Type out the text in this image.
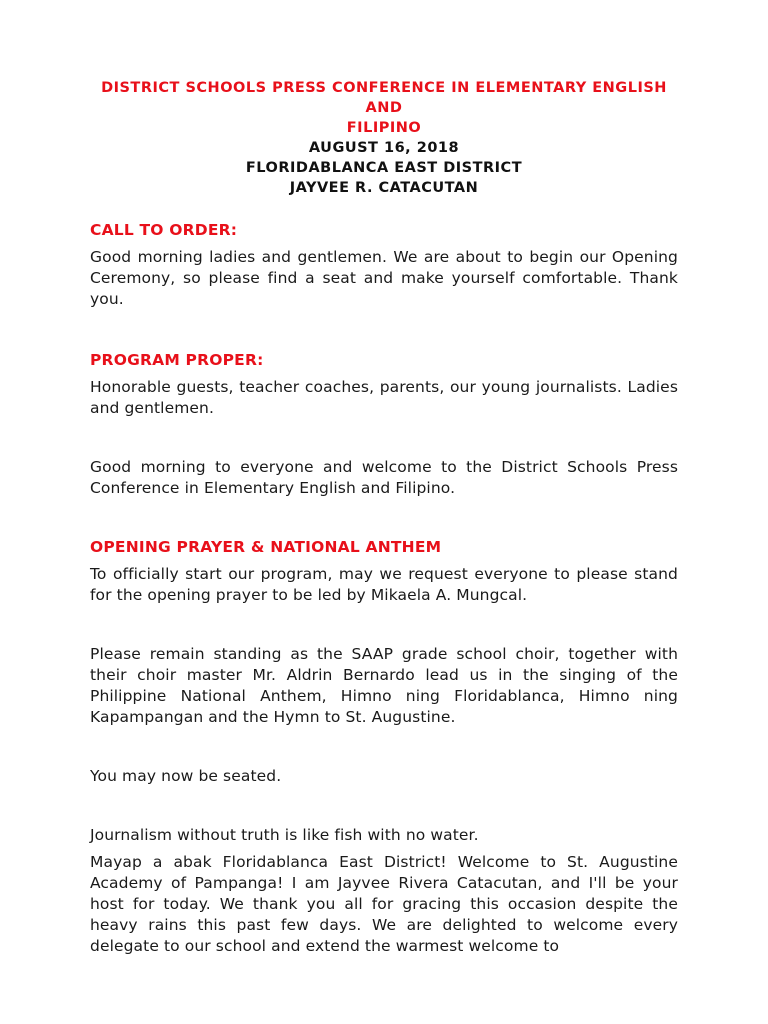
DISTRICT SCHOOLS PRESS CONFERENCE IN ELEMENTARY ENGLISH AND
FILIPINO
AUGUST 16, 2018
FLORIDABLANCA EAST DISTRICT
JAYVEE R. CATACUTAN
CALL TO ORDER:

Good morning ladies and gentlemen. We are about to begin our Opening Ceremony, so please find a seat and make yourself comfortable. Thank you.

PROGRAM PROPER:

Honorable guests, teacher coaches, parents, our young journalists. Ladies and gentlemen.

Good morning to everyone and welcome to the District Schools Press Conference in Elementary English and Filipino.

OPENING PRAYER & NATIONAL ANTHEM

To officially start our program, may we request everyone to please stand for the opening prayer to be led by Mikaela A. Mungcal.

Please remain standing as the SAAP grade school choir, together with their choir master Mr. Aldrin Bernardo lead us in the singing of the Philippine National Anthem, Himno ning Floridablanca, Himno ning Kapampangan and the Hymn to St. Augustine.

You may now be seated.

Journalism without truth is like fish with no water.

Mayap a abak Floridablanca East District! Welcome to St. Augustine Academy of Pampanga! I am Jayvee Rivera Catacutan, and I'll be your host for today. We thank you all for gracing this occasion despite the heavy rains this past few days. We are delighted to welcome every delegate to our school and extend the warmest welcome to
